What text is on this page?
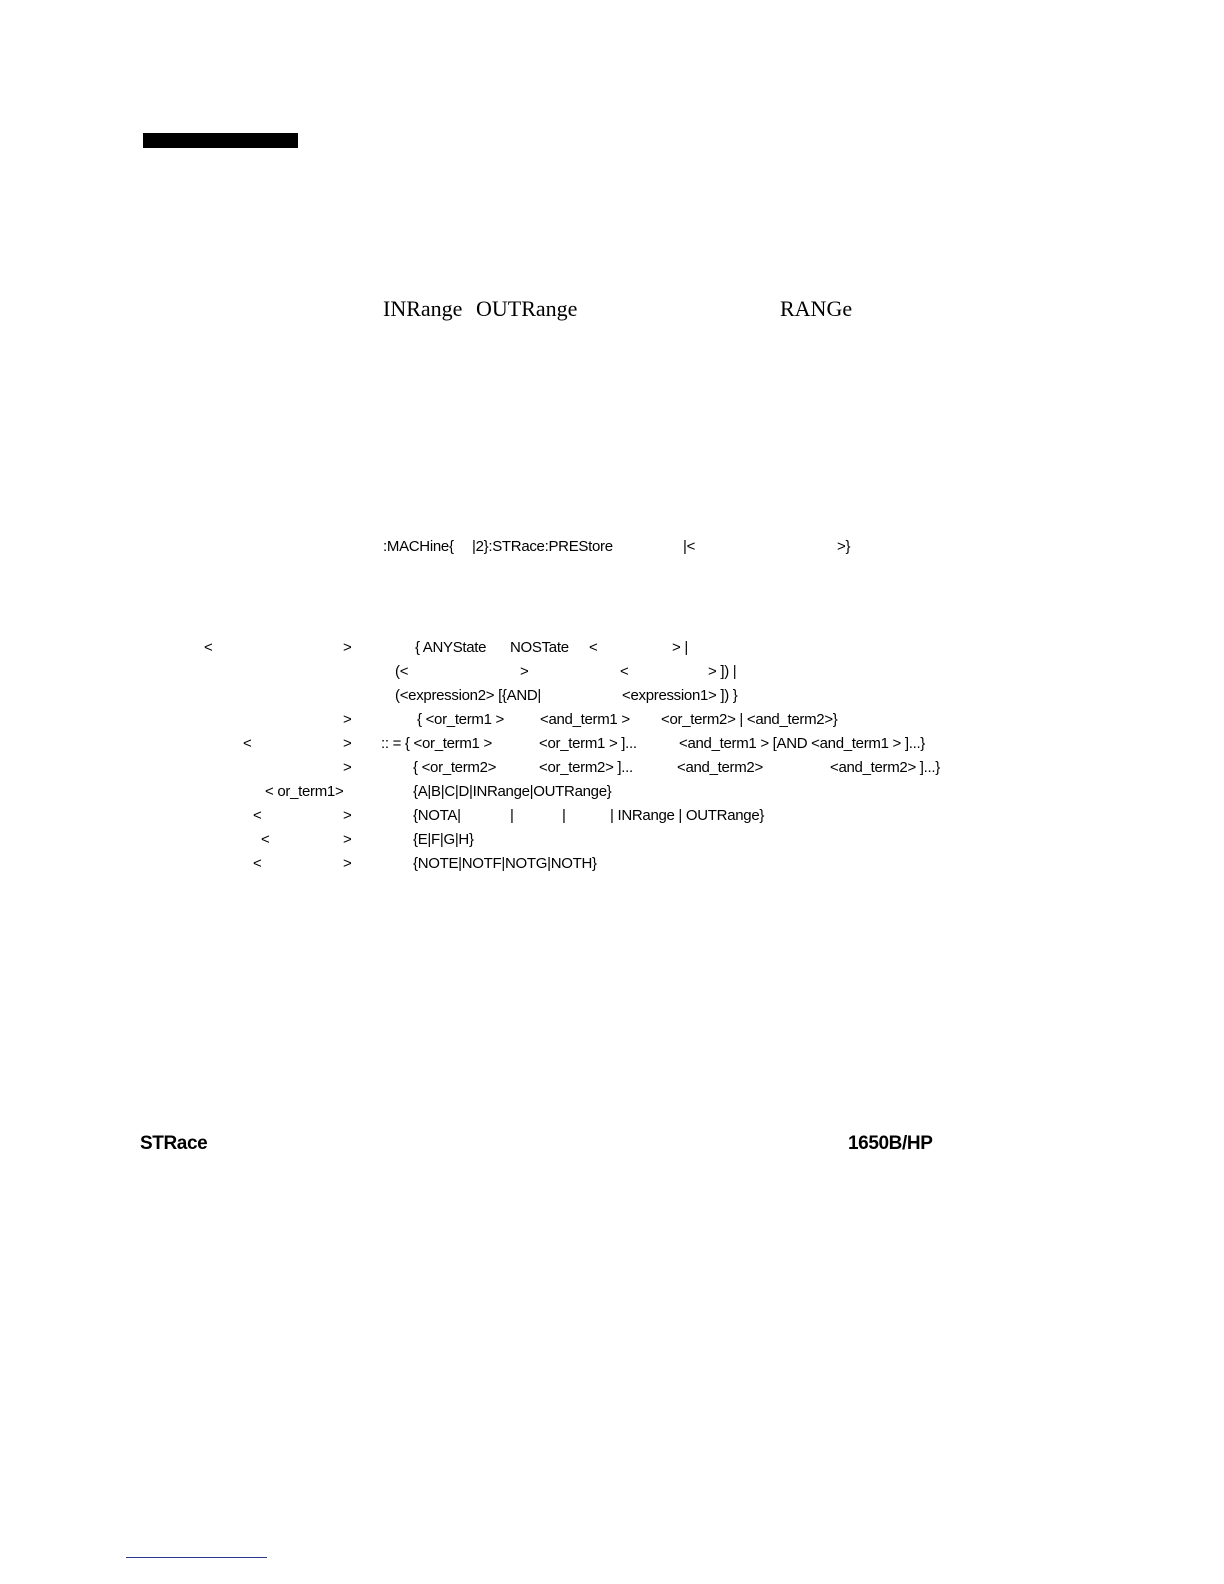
INRange OUTRange	RANGe
:MACHine{ |2}:STRace:PREStore	|<	>}
<	>	{ ANYState NOSTate <	> |
(<	>	<	> ]) |
(<expression2> [{AND|	<expression1> ]) }
>	{ <or_term1 > <and_term1 > <or_term2> | <and_term2>}
<	> :: = { <or_term1 >	<or_term1 > ]...	<and_term1 > [AND <and_term1 > ]...}
>	{ <or_term2>	<or_term2> ]...	<and_term2>	<and_term2> ]...}
< or_term1>	{A|B|C|D|INRange|OUTRange}
<	>	{NOTA|	|	|	| INRange | OUTRange}
<	>	{E|F|G|H}
<	>	{NOTE|NOTF|NOTG|NOTH}
STRace	1650B/HP
